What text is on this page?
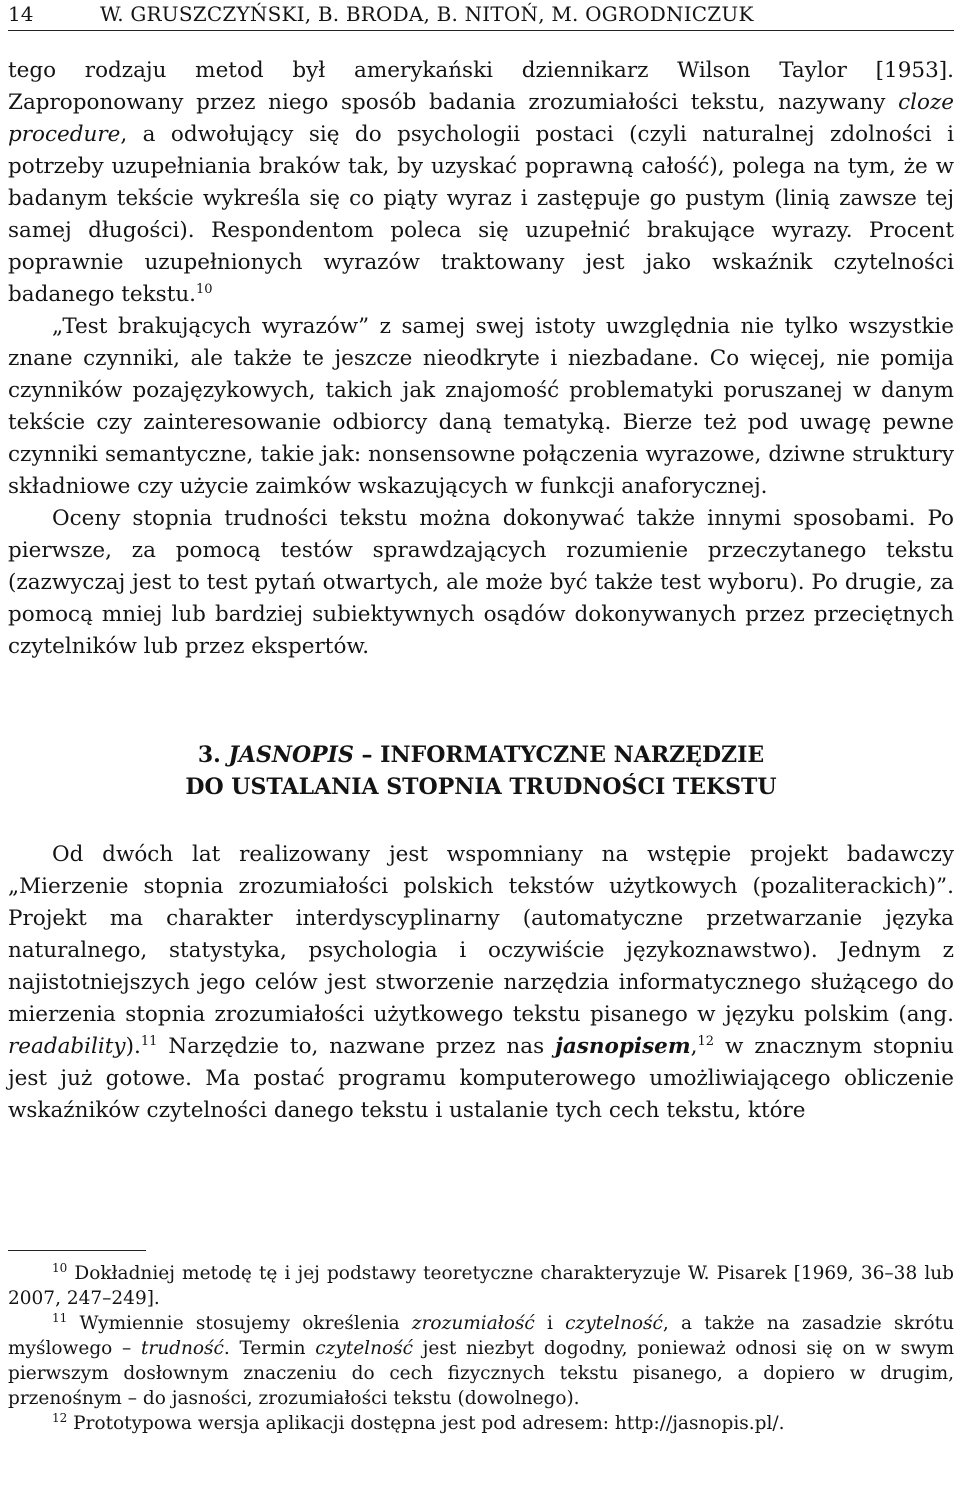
14	W. GRUSZCZYŃSKI, B. BRODA, B. NITOŃ, M. OGRODNICZUK

tego rodzaju metod był amerykański dziennikarz Wilson Taylor [1953]. Zaproponowany przez niego sposób badania zrozumiałości tekstu, nazywany cloze procedure, a odwołujący się do psychologii postaci (czyli naturalnej zdolności i potrzeby uzupełniania braków tak, by uzyskać poprawną całość), polega na tym, że w badanym tekście wykreśla się co piąty wyraz i zastępuje go pustym (linią zawsze tej samej długości). Respondentom poleca się uzupełnić brakujące wyrazy. Procent poprawnie uzupełnionych wyrazów traktowany jest jako wskaźnik czytelności badanego tekstu.$^{10}$

„Test brakujących wyrazów” z samej swej istoty uwzględnia nie tylko wszystkie znane czynniki, ale także te jeszcze nieodkryte i niezbadane. Co więcej, nie pomija czynników pozajęzykowych, takich jak znajomość problematyki poruszanej w danym tekście czy zainteresowanie odbiorcy daną tematyką. Bierze też pod uwagę pewne czynniki semantyczne, takie jak: nonsensowne połączenia wyrazowe, dziwne struktury składniowe czy użycie zaimków wskazujących w funkcji anaforycznej.

Oceny stopnia trudności tekstu można dokonywać także innymi sposobami. Po pierwsze, za pomocą testów sprawdzających rozumienie przeczytanego tekstu (zazwyczaj jest to test pytań otwartych, ale może być także test wyboru). Po drugie, za pomocą mniej lub bardziej subiektywnych osądów dokonywanych przez przeciętnych czytelników lub przez ekspertów.

3. JASNOPIS – INFORMATYCZNE NARZĘDZIE
DO USTALANIA STOPNIA TRUDNOŚCI TEKSTU

Od dwóch lat realizowany jest wspomniany na wstępie projekt badawczy „Mierzenie stopnia zrozumiałości polskich tekstów użytkowych (pozaliterackich)”. Projekt ma charakter interdyscyplinarny (automatyczne przetwarzanie języka naturalnego, statystyka, psychologia i oczywiście językoznawstwo). Jednym z najistotniejszych jego celów jest stworzenie narzędzia informatycznego służącego do mierzenia stopnia zrozumiałości użytkowego tekstu pisanego w języku polskim (ang. readability).$^{11}$ Narzędzie to, nazwane przez nas jasnopisem,$^{12}$ w znacznym stopniu jest już gotowe. Ma postać programu komputerowego umożliwiającego obliczenie wskaźników czytelności danego tekstu i ustalanie tych cech tekstu, które

$^{10}$ Dokładniej metodę tę i jej podstawy teoretyczne charakteryzuje W. Pisarek [1969, 36–38 lub 2007, 247–249].

$^{11}$ Wymiennie stosujemy określenia zrozumiałość i czytelność, a także na zasadzie skrótu myślowego – trudność. Termin czytelność jest niezbyt dogodny, ponieważ odnosi się on w swym pierwszym dosłownym znaczeniu do cech fizycznych tekstu pisanego, a dopiero w drugim, przenośnym – do jasności, zrozumiałości tekstu (dowolnego).

$^{12}$ Prototypowa wersja aplikacji dostępna jest pod adresem: http://jasnopis.pl/.
